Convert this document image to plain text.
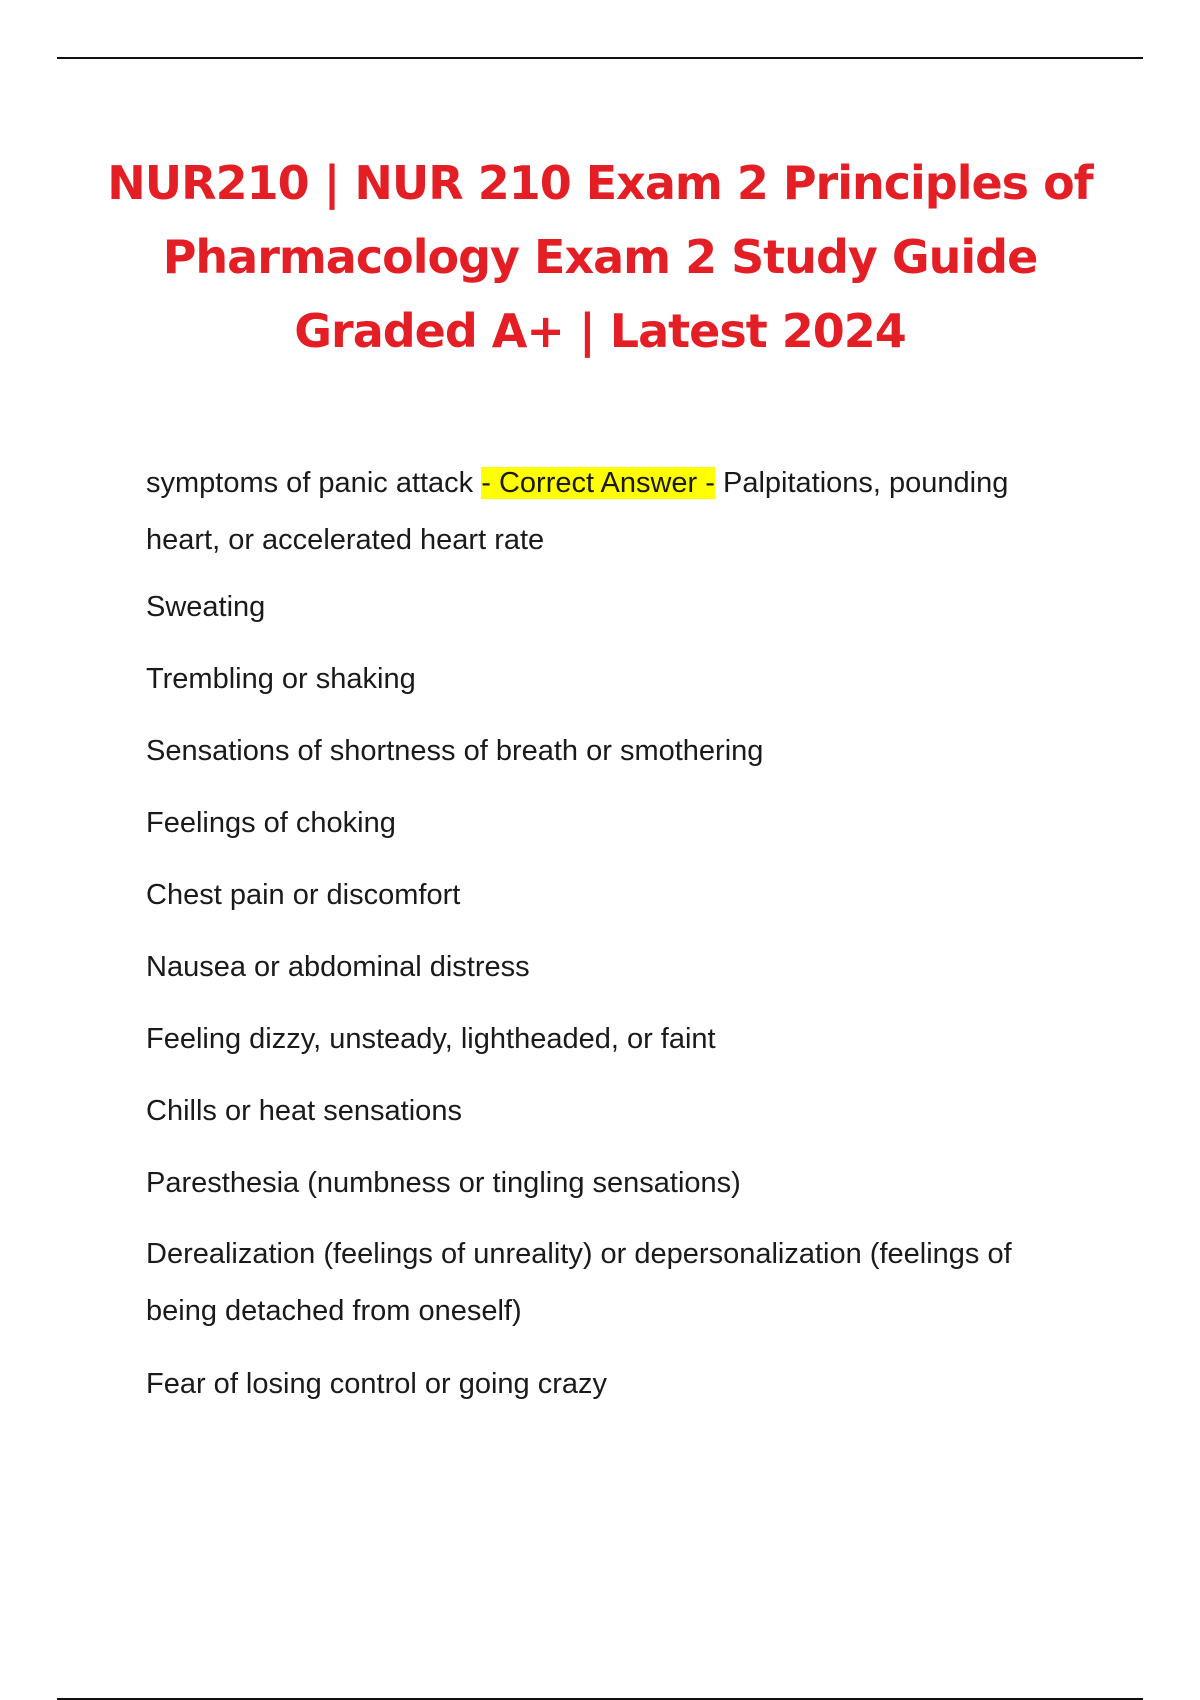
NUR210 | NUR 210 Exam 2 Principles of
Pharmacology Exam 2 Study Guide
Graded A+ | Latest 2024

symptoms of panic attack - Correct Answer - Palpitations, pounding heart, or accelerated heart rate

Sweating

Trembling or shaking

Sensations of shortness of breath or smothering

Feelings of choking

Chest pain or discomfort

Nausea or abdominal distress

Feeling dizzy, unsteady, lightheaded, or faint

Chills or heat sensations

Paresthesia (numbness or tingling sensations)

Derealization (feelings of unreality) or depersonalization (feelings of being detached from oneself)

Fear of losing control or going crazy
